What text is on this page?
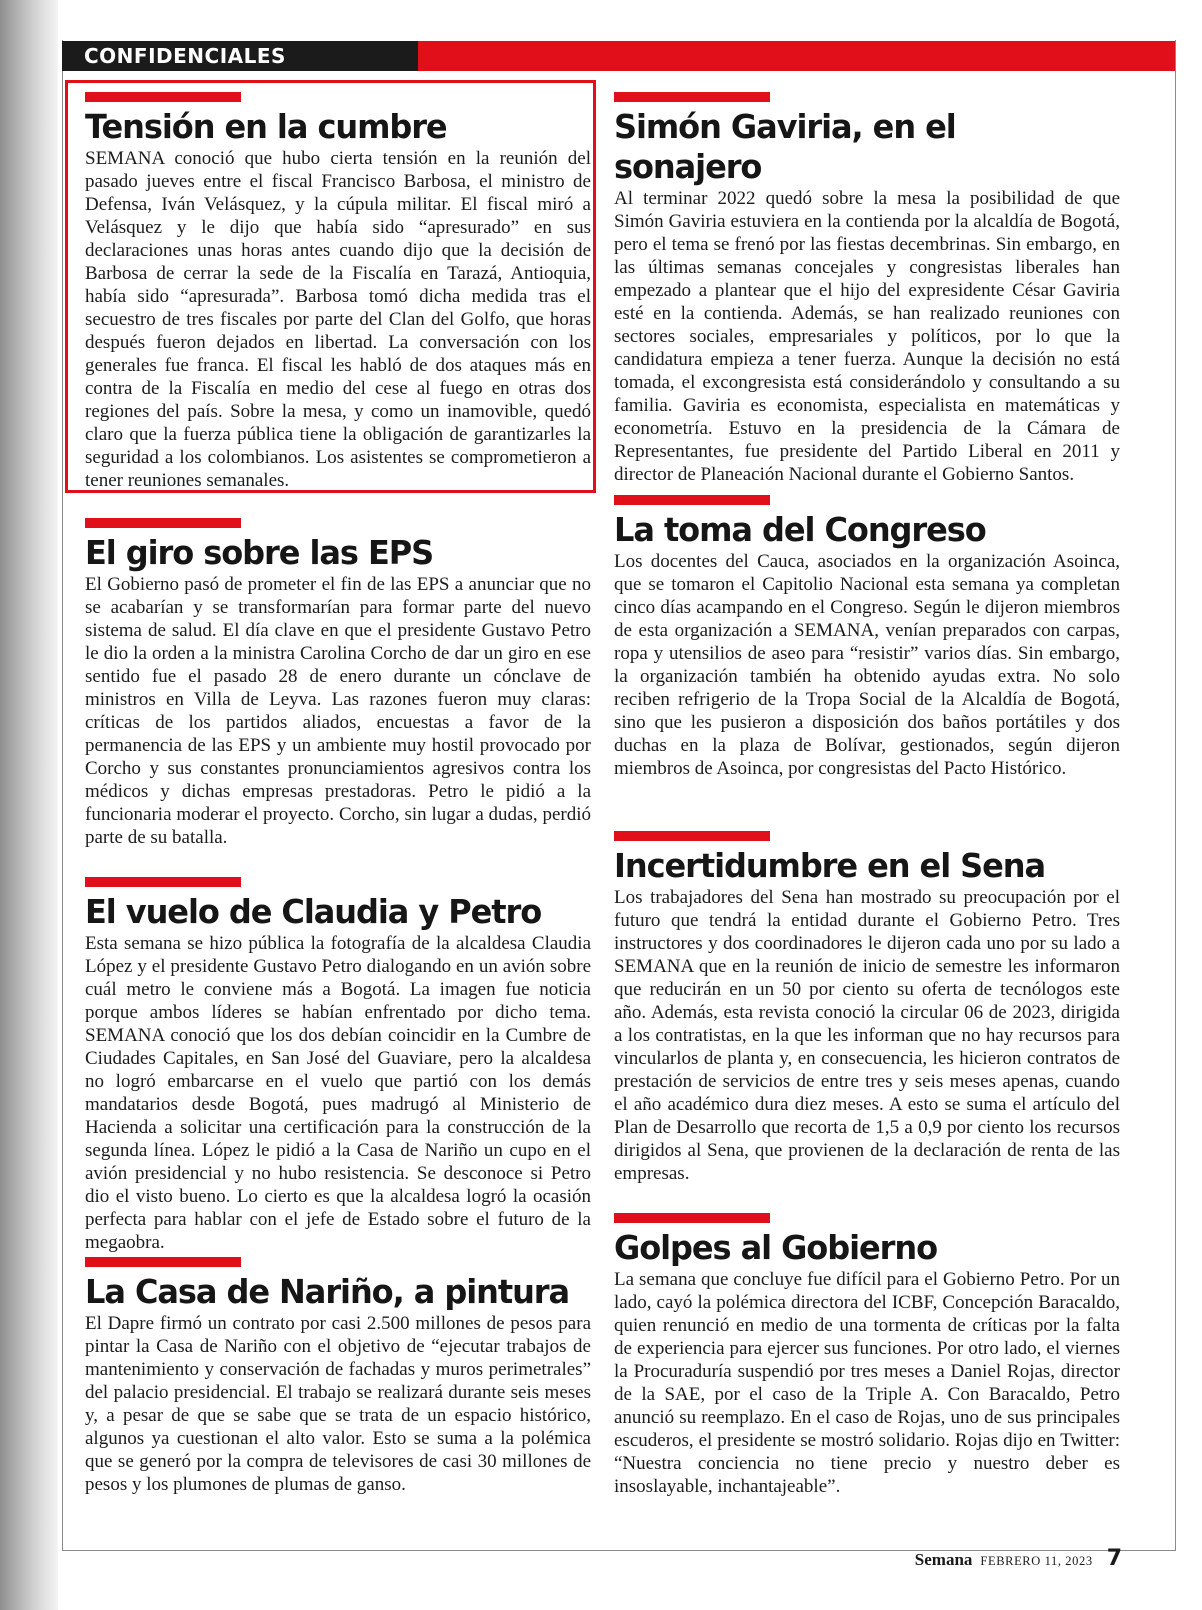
CONFIDENCIALES
Tensión en la cumbre

SEMANA conoció que hubo cierta tensión en la reunión del pasado jueves entre el fiscal Francisco Barbosa, el ministro de Defensa, Iván Velásquez, y la cúpula militar. El fiscal miró a Velásquez y le dijo que había sido “apresurado” en sus declaraciones unas horas antes cuando dijo que la decisión de Barbosa de cerrar la sede de la Fiscalía en Tarazá, Antioquia, había sido “apresurada”. Barbosa tomó dicha medida tras el secuestro de tres fiscales por parte del Clan del Golfo, que horas después fueron dejados en libertad. La conversación con los generales fue franca. El fiscal les habló de dos ataques más en contra de la Fiscalía en medio del cese al fuego en otras dos regiones del país. Sobre la mesa, y como un inamovible, quedó claro que la fuerza pública tiene la obligación de garantizarles la seguridad a los colombianos. Los asistentes se comprometieron a tener reuniones semanales.

El giro sobre las EPS

El Gobierno pasó de prometer el fin de las EPS a anunciar que no se acabarían y se transformarían para formar parte del nuevo sistema de salud. El día clave en que el presidente Gustavo Petro le dio la orden a la ministra Carolina Corcho de dar un giro en ese sentido fue el pasado 28 de enero durante un cónclave de ministros en Villa de Leyva. Las razones fueron muy claras: críticas de los partidos aliados, encuestas a favor de la permanencia de las EPS y un ambiente muy hostil provocado por Corcho y sus constantes pronunciamientos agresivos contra los médicos y dichas empresas prestadoras. Petro le pidió a la funcionaria moderar el proyecto. Corcho, sin lugar a dudas, perdió parte de su batalla.

El vuelo de Claudia y Petro

Esta semana se hizo pública la fotografía de la alcaldesa Claudia López y el presidente Gustavo Petro dialogando en un avión sobre cuál metro le conviene más a Bogotá. La imagen fue noticia porque ambos líderes se habían enfrentado por dicho tema. SEMANA conoció que los dos debían coincidir en la Cumbre de Ciudades Capitales, en San José del Guaviare, pero la alcaldesa no logró embarcarse en el vuelo que partió con los demás mandatarios desde Bogotá, pues madrugó al Ministerio de Hacienda a solicitar una certificación para la construcción de la segunda línea. López le pidió a la Casa de Nariño un cupo en el avión presidencial y no hubo resistencia. Se desconoce si Petro dio el visto bueno. Lo cierto es que la alcaldesa logró la ocasión perfecta para hablar con el jefe de Estado sobre el futuro de la megaobra.

La Casa de Nariño, a pintura

El Dapre firmó un contrato por casi 2.500 millones de pesos para pintar la Casa de Nariño con el objetivo de “ejecutar trabajos de mantenimiento y conservación de fachadas y muros perimetrales” del palacio presidencial. El trabajo se realizará durante seis meses y, a pesar de que se sabe que se trata de un espacio histórico, algunos ya cuestionan el alto valor. Esto se suma a la polémica que se generó por la compra de televisores de casi 30 millones de pesos y los plumones de plumas de ganso.

Simón Gaviria, en el sonajero

Al terminar 2022 quedó sobre la mesa la posibilidad de que Simón Gaviria estuviera en la contienda por la alcaldía de Bogotá, pero el tema se frenó por las fiestas decembrinas. Sin embargo, en las últimas semanas concejales y congresistas liberales han empezado a plantear que el hijo del expresidente César Gaviria esté en la contienda. Además, se han realizado reuniones con sectores sociales, empresariales y políticos, por lo que la candidatura empieza a tener fuerza. Aunque la decisión no está tomada, el excongresista está considerándolo y consultando a su familia. Gaviria es economista, especialista en matemáticas y econometría. Estuvo en la presidencia de la Cámara de Representantes, fue presidente del Partido Liberal en 2011 y director de Planeación Nacional durante el Gobierno Santos.

La toma del Congreso

Los docentes del Cauca, asociados en la organización Asoinca, que se tomaron el Capitolio Nacional esta semana ya completan cinco días acampando en el Congreso. Según le dijeron miembros de esta organización a SEMANA, venían preparados con carpas, ropa y utensilios de aseo para “resistir” varios días. Sin embargo, la organización también ha obtenido ayudas extra. No solo reciben refrigerio de la Tropa Social de la Alcaldía de Bogotá, sino que les pusieron a disposición dos baños portátiles y dos duchas en la plaza de Bolívar, gestionados, según dijeron miembros de Asoinca, por congresistas del Pacto Histórico.

Incertidumbre en el Sena

Los trabajadores del Sena han mostrado su preocupación por el futuro que tendrá la entidad durante el Gobierno Petro. Tres instructores y dos coordinadores le dijeron cada uno por su lado a SEMANA que en la reunión de inicio de semestre les informaron que reducirán en un 50 por ciento su oferta de tecnólogos este año. Además, esta revista conoció la circular 06 de 2023, dirigida a los contratistas, en la que les informan que no hay recursos para vincularlos de planta y, en consecuencia, les hicieron contratos de prestación de servicios de entre tres y seis meses apenas, cuando el año académico dura diez meses. A esto se suma el artículo del Plan de Desarrollo que recorta de 1,5 a 0,9 por ciento los recursos dirigidos al Sena, que provienen de la declaración de renta de las empresas.

Golpes al Gobierno

La semana que concluye fue difícil para el Gobierno Petro. Por un lado, cayó la polémica directora del ICBF, Concepción Baracaldo, quien renunció en medio de una tormenta de críticas por la falta de experiencia para ejercer sus funciones. Por otro lado, el viernes la Procuraduría suspendió por tres meses a Daniel Rojas, director de la SAE, por el caso de la Triple A. Con Baracaldo, Petro anunció su reemplazo. En el caso de Rojas, uno de sus principales escuderos, el presidente se mostró solidario. Rojas dijo en Twitter: “Nuestra conciencia no tiene precio y nuestro deber es insoslayable, inchantajeable”.

Semana FEBRERO 11, 2023 7
